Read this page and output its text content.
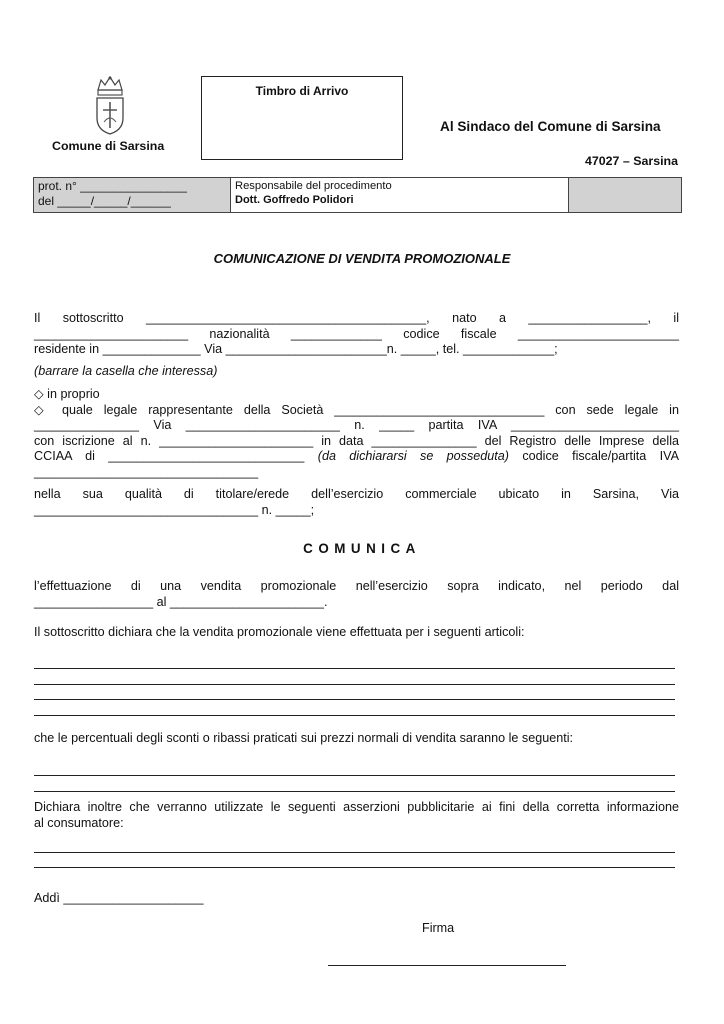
Comune di Sarsina
Timbro di Arrivo
Al Sindaco del Comune di Sarsina
47027 – Sarsina
prot. n° ________________
del _____/_____/______

Responsabile del procedimento
Dott. Goffredo Polidori	
COMUNICAZIONE DI VENDITA PROMOZIONALE
Il sottoscritto ________________________________________, nato a _________________, il
______________________ nazionalità _____________ codice fiscale _______________________
residente in ______________ Via _______________________n. _____, tel. _____________;
(barrare la casella che interessa)
◇ in proprio
◇ quale legale rappresentante della Società ______________________________ con sede legale in
_______________ Via ______________________ n. _____ partita IVA ________________________
con iscrizione al n. ______________________ in data _______________ del Registro delle Imprese della
CCIAA di ____________________________ (da dichiararsi se posseduta) codice fiscale/partita IVA
________________________________
nella sua qualità di titolare/erede dell’esercizio commerciale ubicato in Sarsina, Via
________________________________ n. _____;
COMUNICA
l’effettuazione di una vendita promozionale nell’esercizio sopra indicato, nel periodo dal
_________________ al ______________________.
Il sottoscritto dichiara che la vendita promozionale viene effettuata per i seguenti articoli:
che le percentuali degli sconti o ribassi praticati sui prezzi normali di vendita saranno le seguenti:
Dichiara inoltre che verranno utilizzate le seguenti asserzioni pubblicitarie ai fini della corretta informazione
al consumatore:
Addì ____________________
Firma
